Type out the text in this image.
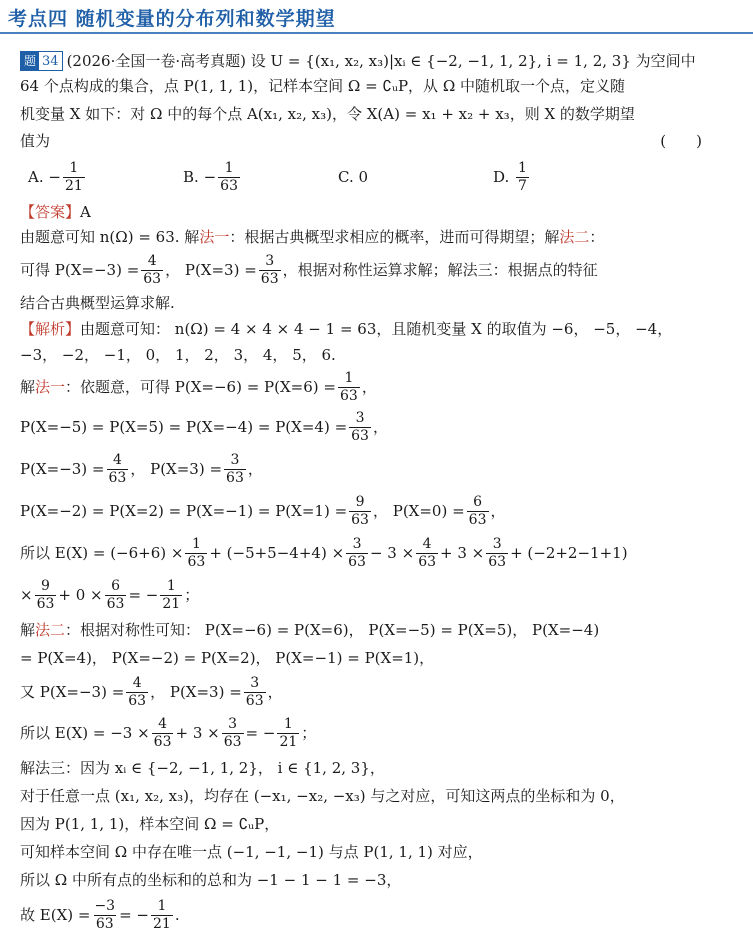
考点四 随机变量的分布列和数学期望
题 34 (2026·全国一卷·高考真题) 设 U = {(x₁, x₂, x₃)|xᵢ ∈ {−2, −1, 1, 2}, i = 1, 2, 3} 为空间中
64 个点构成的集合，点 P(1, 1, 1)，记样本空间 Ω = ∁ᵤP，从 Ω 中随机取一个点，定义随
机变量 X 如下：对 Ω 中的每个点 A(x₁, x₂, x₃)，令 X(A) = x₁ + x₂ + x₃，则 X 的数学期望
值为	(　　)
A.
− $\frac{1}{21}$	B.
− $\frac{1}{63}$	C.
0	D.
$\frac{1}{7}$
【答案】 A
由题意可知 n(Ω) = 63. 解 法一 ：根据古典概型求相应的概率，进而可得期望；解 法二 ：
可得 $P(X=-3) = \frac{4}{63}$ ， $P(X=3) = \frac{3}{63}$ ，根据对称性运算求解；解法三：根据点的特征
结合古典概型运算求解.
【解析】 由题意可知： n(Ω) = 4 × 4 × 4 − 1 = 63，且随机变量 X 的取值为 −6， −5， −4，
−3， −2， −1， 0， 1， 2， 3， 4， 5， 6.
解 法一 ：依题意，可得 $P(X=-6) = P(X=6) = \frac{1}{63}$ ，
$P(X=-5) = P(X=5) = P(X=-4) = P(X=4) = \frac{3}{63}$ ，
$P(X=-3) = \frac{4}{63}$ ， $P(X=3) = \frac{3}{63}$ ，
$P(X=-2) = P(X=2) = P(X=-1) = P(X=1) = \frac{9}{63}$ ， $P(X=0) = \frac{6}{63}$ ，
所以 $E(X) = (-6+6) \times \frac{1}{63} + (-5+5-4+4) \times \frac{3}{63} - 3 \times \frac{4}{63} + 3 \times \frac{3}{63} + (-2+2-1+1)$
× $\frac{9}{63} + 0 \times \frac{6}{63}$ = − $\frac{1}{21}$ ；
解 法二 ：根据对称性可知： P(X=−6) = P(X=6)， P(X=−5) = P(X=5)， P(X=−4)
= P(X=4)， P(X=−2) = P(X=2)， P(X=−1) = P(X=1)，
又 $P(X=-3) = \frac{4}{63}$ ， $P(X=3) = \frac{3}{63}$ ，
所以 $E(X) = -3 \times \frac{4}{63} + 3 \times \frac{3}{63}$ = − $\frac{1}{21}$ ；
解法三：因为 xᵢ ∈ {−2, −1, 1, 2}， i ∈ {1, 2, 3}，
对于任意一点 (x₁, x₂, x₃)，均存在 (−x₁, −x₂, −x₃) 与之对应，可知这两点的坐标和为 0，
因为 P(1, 1, 1)，样本空间 Ω = ∁ᵤP，
可知样本空间 Ω 中存在唯一点 (−1, −1, −1) 与点 P(1, 1, 1) 对应，
所以 Ω 中所有点的坐标和的总和为 −1 − 1 − 1 = −3，
故 $E(X) = \frac{-3}{63}$ = − $\frac{1}{21}$ .
